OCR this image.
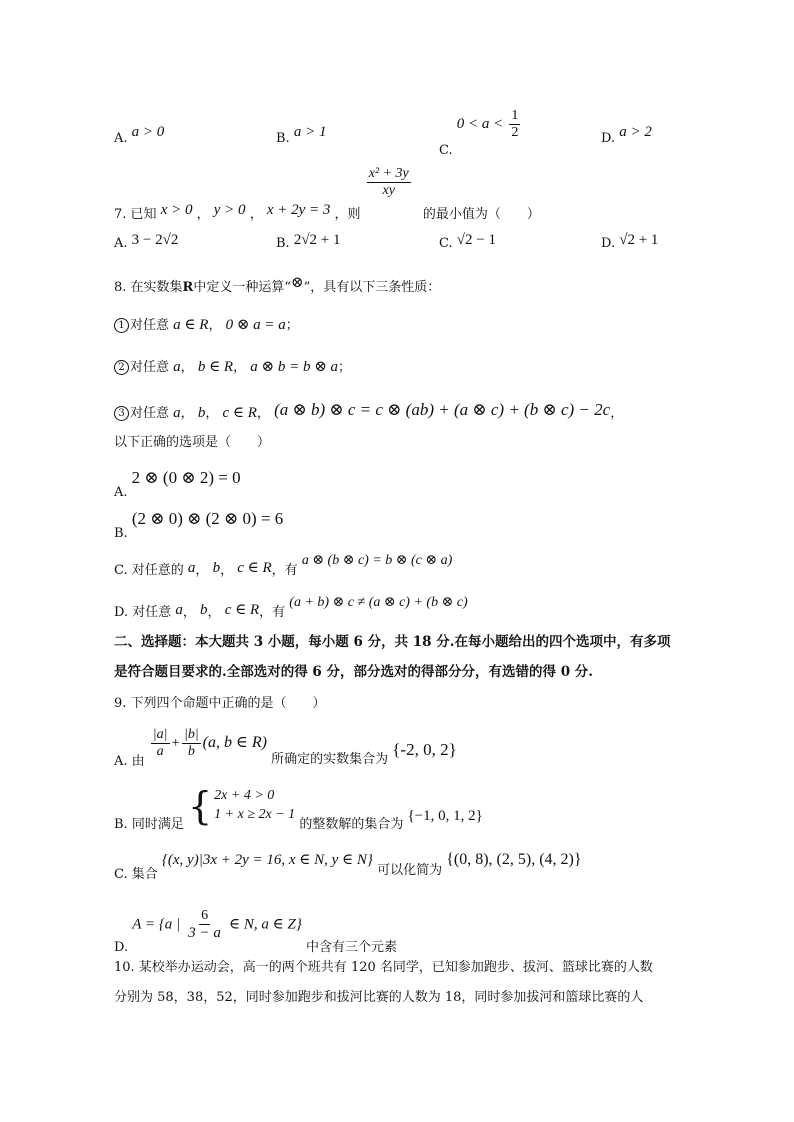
A. a > 0	B. a > 1
C. $0 < a < \frac{1}{2}$	D. a > 2
7. 已知 x > 0 ， y > 0 ， x + 2y = 3 ，则
$\frac{\text{x² + 3y}}{xy}$
的最小值为（　　）
A. 3 − 2√2	B. 2√2 + 1	C. √2 − 1	D. √2 + 1
8. 在实数集R中定义一种运算“⊗”，具有以下三条性质：
1 对任意 a ∈ R， 0 ⊗ a = a；
2 对任意 a， b ∈ R， a ⊗ b = b ⊗ a；
3 对任意 a， b， c ∈ R， (a ⊗ b) ⊗ c = c ⊗ (ab) + (a ⊗ c) + (b ⊗ c) − 2c，
以下正确的选项是（　　）
A. 2 ⊗ (0 ⊗ 2) = 0
B. (2 ⊗ 0) ⊗ (2 ⊗ 0) = 6
C. 对任意的 a， b， c ∈ R，有 a ⊗ (b ⊗ c) = b ⊗ (c ⊗ a)
D. 对任意 a， b， c ∈ R，有 (a + b) ⊗ c ≠ (a ⊗ c) + (b ⊗ c)
二、选择题：本大题共 3 小题，每小题 6 分，共 18 分.在每小题给出的四个选项中，有多项
是符合题目要求的.全部选对的得 6 分，部分选对的得部分分，有选错的得 0 分.
9. 下列四个命题中正确的是（　　）
A. 由
$\frac{|a|}{a} + \frac{|b|}{b} (a$, b ∈ R) 所确定的实数集合为 {-2, 0, 2}
B. 同时满足 { 2x + 4 > 0
1 + x ≥ 2x − 1
的整数解的集合为 {−1, 0, 1, 2}
C. 集合 {(x, y)|3x + 2y = 16, x ∈ N, y ∈ N} 可以化简为 {(0, 8), (2, 5), (4, 2)}
D. A = {a | $\frac{6}{3 - a}$ ∈ N, a ∈ Z} 中含有三个元素
10. 某校举办运动会，高一的两个班共有 120 名同学，已知参加跑步、拔河、篮球比赛的人数
分别为 58，38，52，同时参加跑步和拔河比赛的人数为 18，同时参加拔河和篮球比赛的人
